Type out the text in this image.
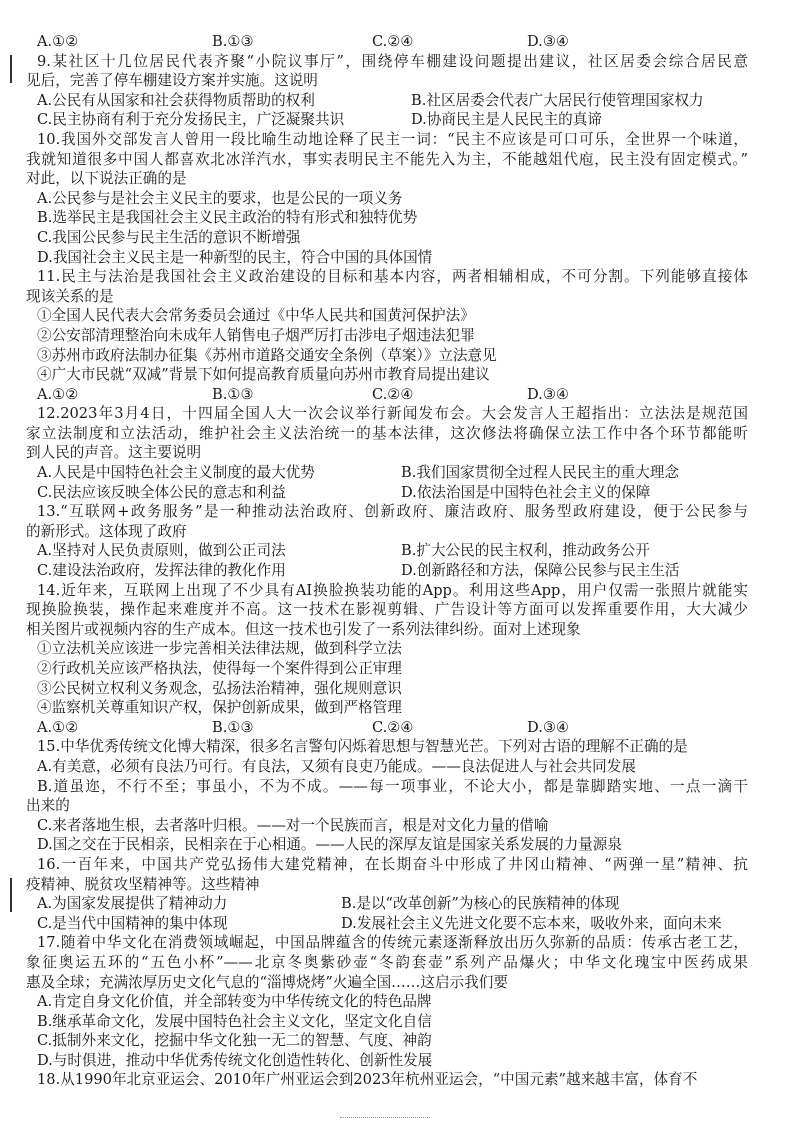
A.①②	B.①③	C.②④	D.③④
9.某社区十几位居民代表齐聚“小院议事厅”，围绕停车棚建设问题提出建议，社区居委会综合居民意
见后，完善了停车棚建设方案并实施。这说明
A.公民有从国家和社会获得物质帮助的权利	B.社区居委会代表广大居民行使管理国家权力
C.民主协商有利于充分发扬民主，广泛凝聚共识	D.协商民主是人民民主的真谛
10.我国外交部发言人曾用一段比喻生动地诠释了民主一词：“民主不应该是可口可乐，全世界一个味道，
我就知道很多中国人都喜欢北冰洋汽水，事实表明民主不能先入为主，不能越俎代庖，民主没有固定模式。”
对此，以下说法正确的是
A.公民参与是社会主义民主的要求，也是公民的一项义务
B.选举民主是我国社会主义民主政治的特有形式和独特优势
C.我国公民参与民主生活的意识不断增强
D.我国社会主义民主是一种新型的民主，符合中国的具体国情
11.民主与法治是我国社会主义政治建设的目标和基本内容，两者相辅相成，不可分割。下列能够直接体
现该关系的是
①全国人民代表大会常务委员会通过《中华人民共和国黄河保护法》
②公安部清理整治向未成年人销售电子烟严厉打击涉电子烟违法犯罪
③苏州市政府法制办征集《苏州市道路交通安全条例（草案）》立法意见
④广大市民就“双减”背景下如何提高教育质量向苏州市教育局提出建议
A.①②	B.①③	C.②④	D.③④
12.2023年3月4日，十四届全国人大一次会议举行新闻发布会。大会发言人王超指出：立法法是规范国
家立法制度和立法活动，维护社会主义法治统一的基本法律，这次修法将确保立法工作中各个环节都能听
到人民的声音。这主要说明
A.人民是中国特色社会主义制度的最大优势	B.我们国家贯彻全过程人民民主的重大理念
C.民法应该反映全体公民的意志和利益	D.依法治国是中国特色社会主义的保障
13.“互联网+政务服务”是一种推动法治政府、创新政府、廉洁政府、服务型政府建设，便于公民参与
的新形式。这体现了政府
A.坚持对人民负责原则，做到公正司法	B.扩大公民的民主权利，推动政务公开
C.建设法治政府，发挥法律的教化作用	D.创新路径和方法，保障公民参与民主生活
14.近年来，互联网上出现了不少具有AI换脸换装功能的App。利用这些App，用户仅需一张照片就能实
现换脸换装，操作起来难度并不高。这一技术在影视剪辑、广告设计等方面可以发挥重要作用，大大减少
相关图片或视频内容的生产成本。但这一技术也引发了一系列法律纠纷。面对上述现象
①立法机关应该进一步完善相关法律法规，做到科学立法
②行政机关应该严格执法，使得每一个案件得到公正审理
③公民树立权利义务观念，弘扬法治精神，强化规则意识
④监察机关尊重知识产权，保护创新成果，做到严格管理
A.①②	B.①③	C.②④	D.③④
15.中华优秀传统文化博大精深，很多名言警句闪烁着思想与智慧光芒。下列对古语的理解不正确的是
A.有美意，必须有良法乃可行。有良法，又须有良吏乃能成。——良法促进人与社会共同发展
B.道虽迩，不行不至；事虽小，不为不成。——每一项事业，不论大小，都是靠脚踏实地、一点一滴干
出来的
C.来者落地生根，去者落叶归根。——对一个民族而言，根是对文化力量的借喻
D.国之交在于民相亲，民相亲在于心相通。——人民的深厚友谊是国家关系发展的力量源泉
16.一百年来，中国共产党弘扬伟大建党精神，在长期奋斗中形成了井冈山精神、“两弹一星”精神、抗
疫精神、脱贫攻坚精神等。这些精神
A.为国家发展提供了精神动力	B.是以“改革创新”为核心的民族精神的体现
C.是当代中国精神的集中体现	D.发展社会主义先进文化要不忘本来，吸收外来，面向未来
17.随着中华文化在消费领域崛起，中国品牌蕴含的传统元素逐渐释放出历久弥新的品质：传承古老工艺，
象征奥运五环的“五色小杯”——北京冬奥紫砂壶“冬韵套壶”系列产品爆火；中华文化瑰宝中医药成果
惠及全球；充满浓厚历史文化气息的“淄博烧烤”火遍全国……这启示我们要
A.肯定自身文化价值，并全部转变为中华传统文化的特色品牌
B.继承革命文化，发展中国特色社会主义文化，坚定文化自信
C.抵制外来文化，挖掘中华文化独一无二的智慧、气度、神韵
D.与时俱进，推动中华优秀传统文化创造性转化、创新性发展
18.从1990年北京亚运会、2010年广州亚运会到2023年杭州亚运会，“中国元素”越来越丰富，体育不
